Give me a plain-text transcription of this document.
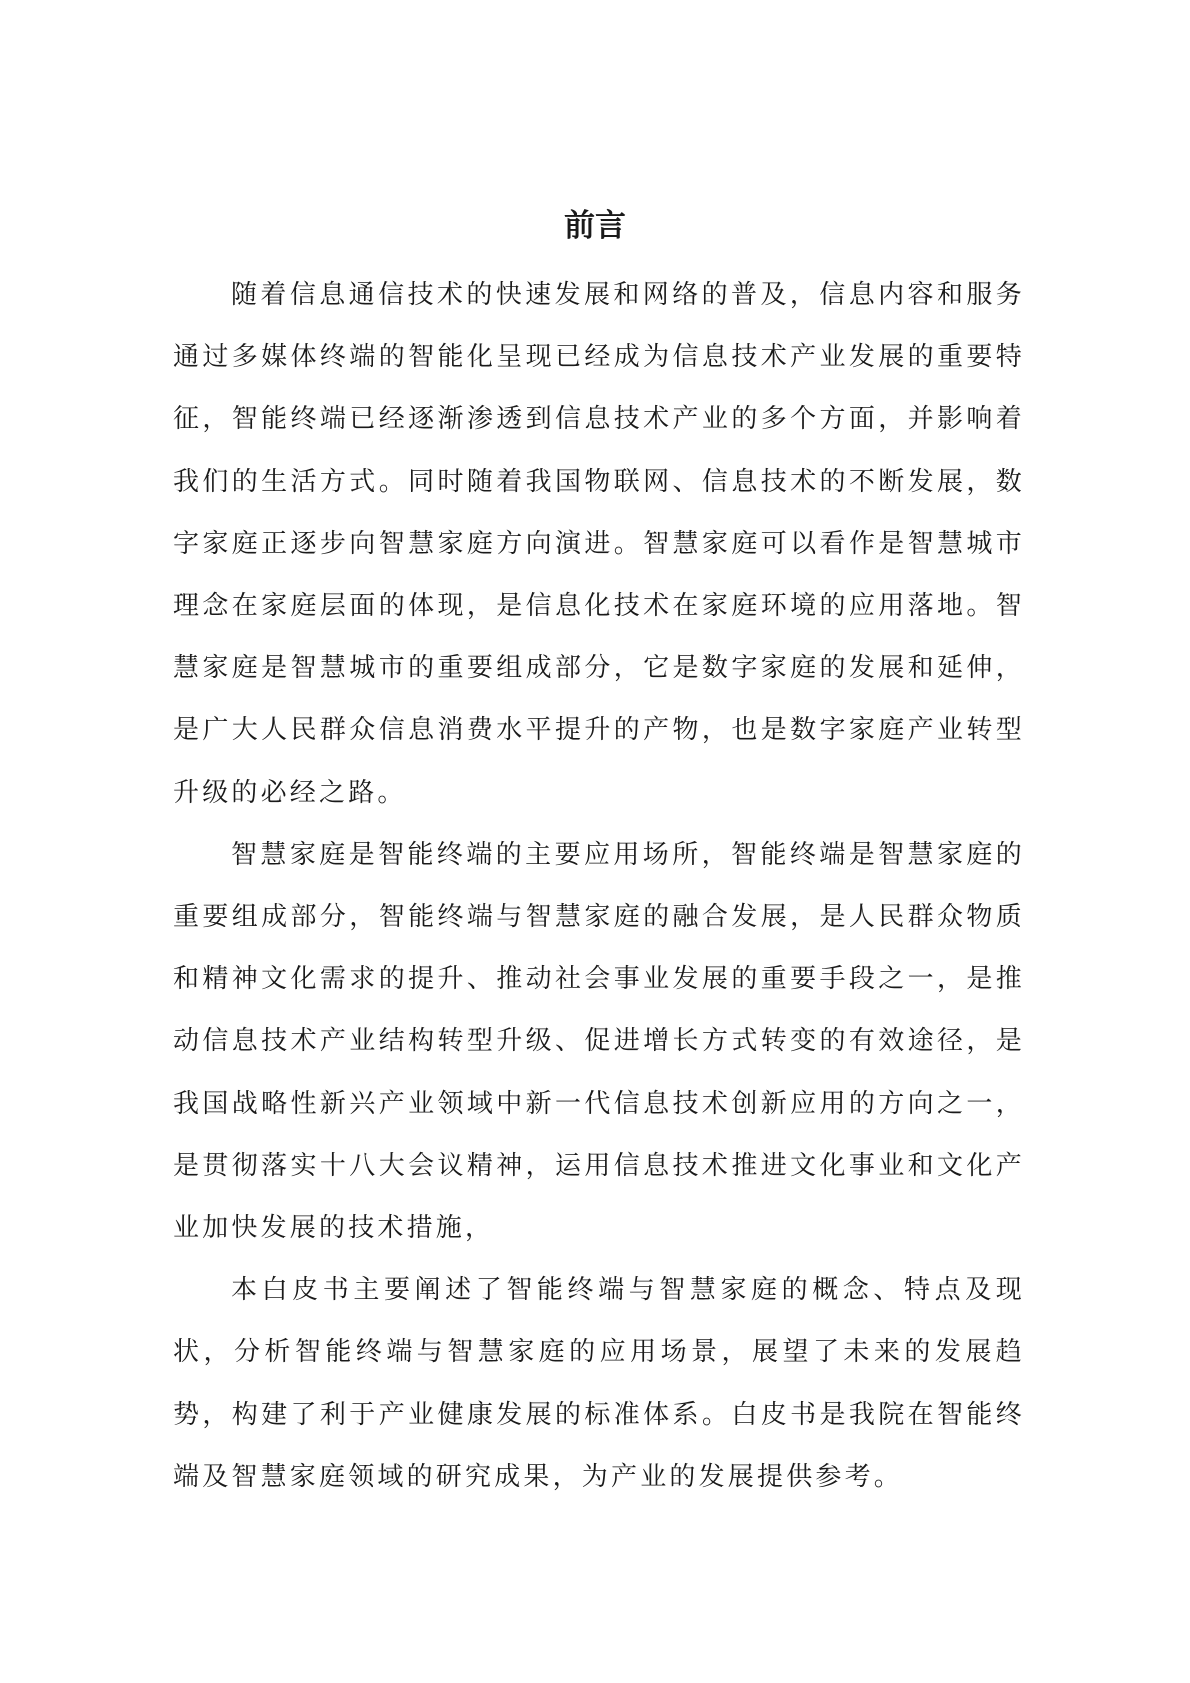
前言

随着信息通信技术的快速发展和网络的普及，信息内容和服务通过多媒体终端的智能化呈现已经成为信息技术产业发展的重要特征，智能终端已经逐渐渗透到信息技术产业的多个方面，并影响着我们的生活方式。同时随着我国物联网、信息技术的不断发展，数字家庭正逐步向智慧家庭方向演进。智慧家庭可以看作是智慧城市理念在家庭层面的体现，是信息化技术在家庭环境的应用落地。智慧家庭是智慧城市的重要组成部分，它是数字家庭的发展和延伸，是广大人民群众信息消费水平提升的产物，也是数字家庭产业转型升级的必经之路。

智慧家庭是智能终端的主要应用场所，智能终端是智慧家庭的重要组成部分，智能终端与智慧家庭的融合发展，是人民群众物质和精神文化需求的提升、推动社会事业发展的重要手段之一，是推动信息技术产业结构转型升级、促进增长方式转变的有效途径，是我国战略性新兴产业领域中新一代信息技术创新应用的方向之一，是贯彻落实十八大会议精神，运用信息技术推进文化事业和文化产业加快发展的技术措施，

本白皮书主要阐述了智能终端与智慧家庭的概念、特点及现状，分析智能终端与智慧家庭的应用场景，展望了未来的发展趋势，构建了利于产业健康发展的标准体系。白皮书是我院在智能终端及智慧家庭领域的研究成果，为产业的发展提供参考。
